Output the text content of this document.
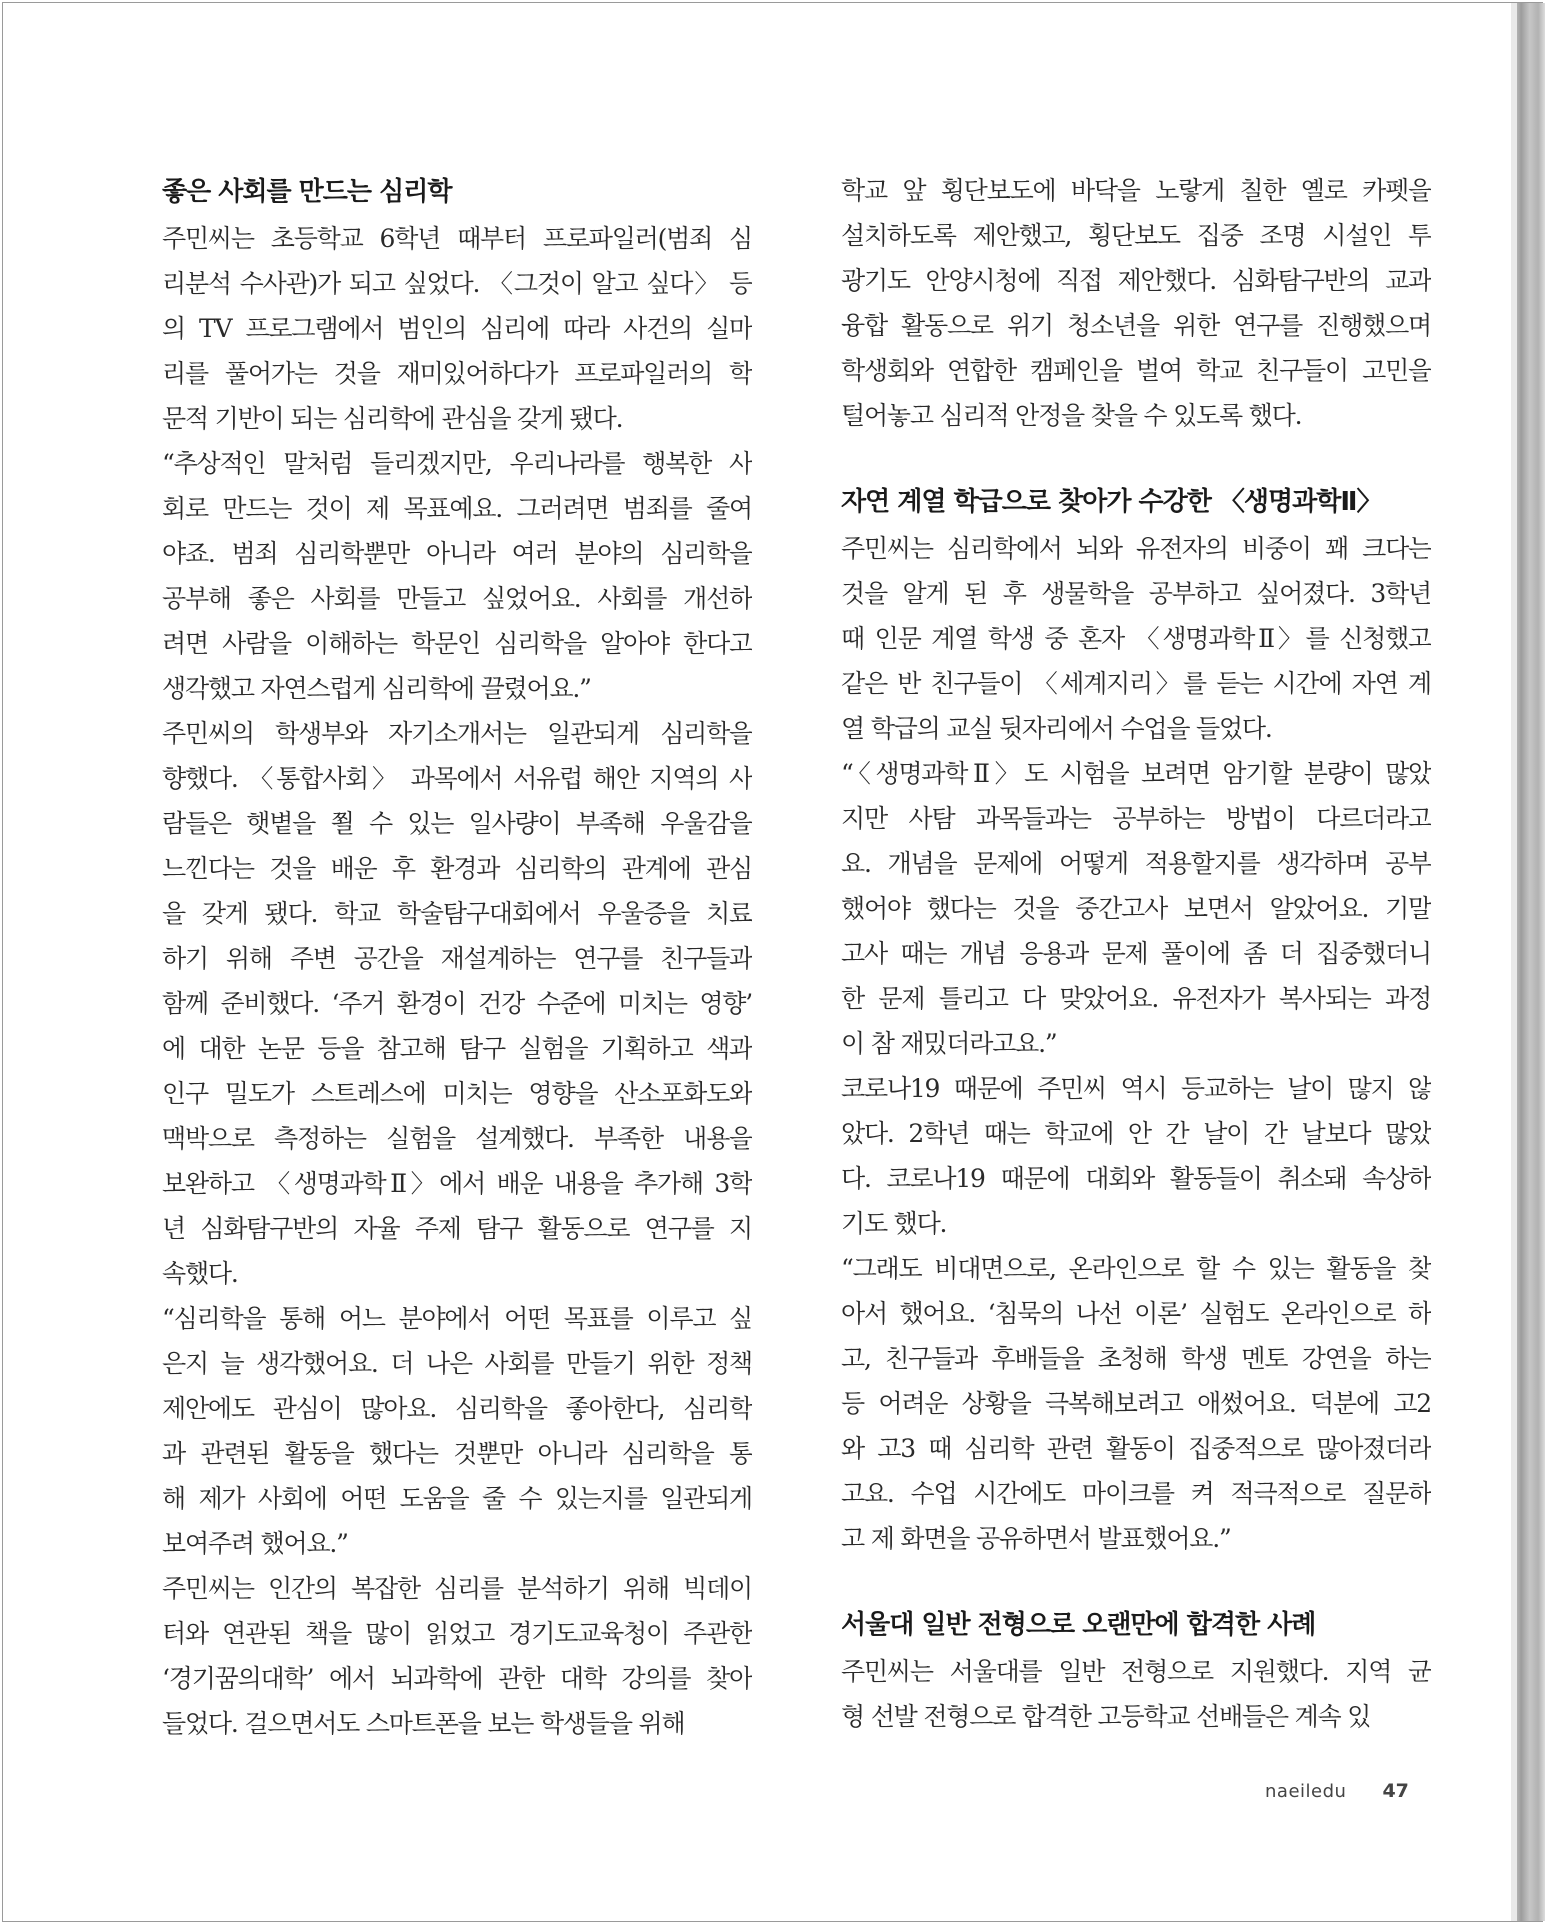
좋은 사회를 만드는 심리학
주민씨는 초등학교 6학년 때부터 프로파일러(범죄 심
리분석 수사관)가 되고 싶었다. 〈그것이 알고 싶다〉 등
의 TV 프로그램에서 범인의 심리에 따라 사건의 실마
리를 풀어가는 것을 재미있어하다가 프로파일러의 학
문적 기반이 되는 심리학에 관심을 갖게 됐다.
“추상적인 말처럼 들리겠지만, 우리나라를 행복한 사
회로 만드는 것이 제 목표예요. 그러려면 범죄를 줄여
야죠. 범죄 심리학뿐만 아니라 여러 분야의 심리학을
공부해 좋은 사회를 만들고 싶었어요. 사회를 개선하
려면 사람을 이해하는 학문인 심리학을 알아야 한다고
생각했고 자연스럽게 심리학에 끌렸어요.”
주민씨의 학생부와 자기소개서는 일관되게 심리학을
향했다. 〈통합사회〉 과목에서 서유럽 해안 지역의 사
람들은 햇볕을 쬘 수 있는 일사량이 부족해 우울감을
느낀다는 것을 배운 후 환경과 심리학의 관계에 관심
을 갖게 됐다. 학교 학술탐구대회에서 우울증을 치료
하기 위해 주변 공간을 재설계하는 연구를 친구들과
함께 준비했다. ‘주거 환경이 건강 수준에 미치는 영향’
에 대한 논문 등을 참고해 탐구 실험을 기획하고 색과
인구 밀도가 스트레스에 미치는 영향을 산소포화도와
맥박으로 측정하는 실험을 설계했다. 부족한 내용을
보완하고 〈생명과학Ⅱ〉에서 배운 내용을 추가해 3학
년 심화탐구반의 자율 주제 탐구 활동으로 연구를 지
속했다.
“심리학을 통해 어느 분야에서 어떤 목표를 이루고 싶
은지 늘 생각했어요. 더 나은 사회를 만들기 위한 정책
제안에도 관심이 많아요. 심리학을 좋아한다, 심리학
과 관련된 활동을 했다는 것뿐만 아니라 심리학을 통
해 제가 사회에 어떤 도움을 줄 수 있는지를 일관되게
보여주려 했어요.”
주민씨는 인간의 복잡한 심리를 분석하기 위해 빅데이
터와 연관된 책을 많이 읽었고 경기도교육청이 주관한
‘경기꿈의대학’ 에서 뇌과학에 관한 대학 강의를 찾아
들었다. 걸으면서도 스마트폰을 보는 학생들을 위해
학교 앞 횡단보도에 바닥을 노랗게 칠한 옐로 카펫을
설치하도록 제안했고, 횡단보도 집중 조명 시설인 투
광기도 안양시청에 직접 제안했다. 심화탐구반의 교과
융합 활동으로 위기 청소년을 위한 연구를 진행했으며
학생회와 연합한 캠페인을 벌여 학교 친구들이 고민을
털어놓고 심리적 안정을 찾을 수 있도록 했다.
자연 계열 학급으로 찾아가 수강한 〈생명과학Ⅱ〉
주민씨는 심리학에서 뇌와 유전자의 비중이 꽤 크다는
것을 알게 된 후 생물학을 공부하고 싶어졌다. 3학년
때 인문 계열 학생 중 혼자 〈생명과학Ⅱ〉를 신청했고
같은 반 친구들이 〈세계지리〉를 듣는 시간에 자연 계
열 학급의 교실 뒷자리에서 수업을 들었다.
“〈생명과학Ⅱ〉도 시험을 보려면 암기할 분량이 많았
지만 사탐 과목들과는 공부하는 방법이 다르더라고
요. 개념을 문제에 어떻게 적용할지를 생각하며 공부
했어야 했다는 것을 중간고사 보면서 알았어요. 기말
고사 때는 개념 응용과 문제 풀이에 좀 더 집중했더니
한 문제 틀리고 다 맞았어요. 유전자가 복사되는 과정
이 참 재밌더라고요.”
코로나19 때문에 주민씨 역시 등교하는 날이 많지 않
았다. 2학년 때는 학교에 안 간 날이 간 날보다 많았
다. 코로나19 때문에 대회와 활동들이 취소돼 속상하
기도 했다.
“그래도 비대면으로, 온라인으로 할 수 있는 활동을 찾
아서 했어요. ‘침묵의 나선 이론’ 실험도 온라인으로 하
고, 친구들과 후배들을 초청해 학생 멘토 강연을 하는
등 어려운 상황을 극복해보려고 애썼어요. 덕분에 고2
와 고3 때 심리학 관련 활동이 집중적으로 많아졌더라
고요. 수업 시간에도 마이크를 켜 적극적으로 질문하
고 제 화면을 공유하면서 발표했어요.”
서울대 일반 전형으로 오랜만에 합격한 사례
주민씨는 서울대를 일반 전형으로 지원했다. 지역 균
형 선발 전형으로 합격한 고등학교 선배들은 계속 있
naeiledu 47
